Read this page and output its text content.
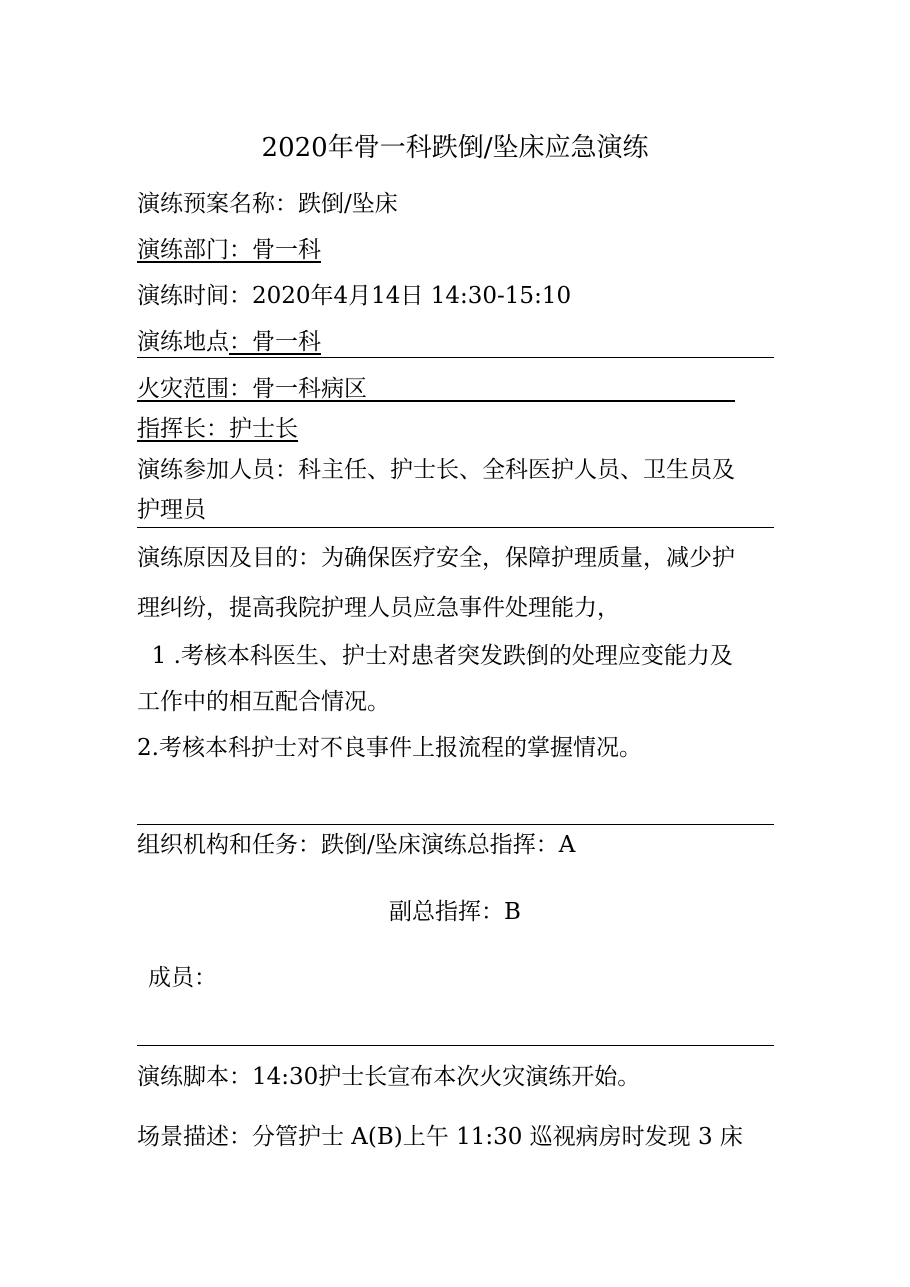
2020年骨一科跌倒/坠床应急演练
演练预案名称：跌倒/坠床
演练部门：骨一科
演练时间：2020年4月14日 14:30-15:10
演练地点：骨一科
火灾范围：骨一科病区________________________________
指挥长：护士长
演练参加人员：科主任、护士长、全科医护人员、卫生员及
护理员
演练原因及目的：为确保医疗安全，保障护理质量，减少护
理纠纷，提高我院护理人员应急事件处理能力，
1 .考核本科医生、护士对患者突发跌倒的处理应变能力及
工作中的相互配合情况。
2.考核本科护士对不良事件上报流程的掌握情况。
组织机构和任务：跌倒/坠床演练总指挥：A
副总指挥：B
成员：
演练脚本：14:30护士长宣布本次火灾演练开始。
场景描述：分管护士 A(B)上午 11:30 巡视病房时发现 3 床
